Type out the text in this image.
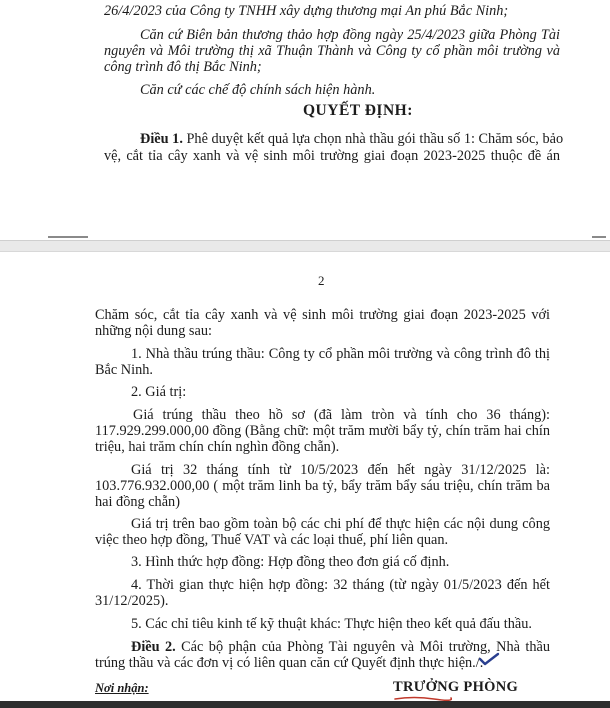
26/4/2023 của Công ty TNHH xây dựng thương mại An phú Bắc Ninh;
Căn cứ Biên bản thương thảo hợp đồng ngày 25/4/2023 giữa Phòng Tài
nguyên và Môi trường thị xã Thuận Thành và Công ty cổ phần môi trường và
công trình đô thị Bắc Ninh;
Căn cứ các chế độ chính sách hiện hành.
QUYẾT ĐỊNH:
Điều 1. Phê duyệt kết quả lựa chọn nhà thầu gói thầu số 1: Chăm sóc, bảo
vệ, cắt tỉa cây xanh và vệ sinh môi trường giai đoạn 2023-2025 thuộc đề án
2
Chăm sóc, cắt tỉa cây xanh và vệ sinh môi trường giai đoạn 2023-2025 với
những nội dung sau:
1. Nhà thầu trúng thầu: Công ty cổ phần môi trường và công trình đô thị
Bắc Ninh.
2. Giá trị:
Giá trúng thầu theo hồ sơ (đã làm tròn và tính cho 36 tháng):
117.929.299.000,00 đồng (Bằng chữ: một trăm mười bẩy tỷ, chín trăm hai chín
triệu, hai trăm chín chín nghìn đồng chẵn).
Giá trị 32 tháng tính từ 10/5/2023 đến hết ngày 31/12/2025 là:
103.776.932.000,00 ( một trăm linh ba tỷ, bẩy trăm bẩy sáu triệu, chín trăm ba
hai đồng chẵn)
Giá trị trên bao gồm toàn bộ các chi phí để thực hiện các nội dung công
việc theo hợp đồng, Thuế VAT và các loại thuế, phí liên quan.
3. Hình thức hợp đồng: Hợp đồng theo đơn giá cố định.
4. Thời gian thực hiện hợp đồng: 32 tháng (từ ngày 01/5/2023 đến hết
31/12/2025).
5. Các chỉ tiêu kinh tế kỹ thuật khác: Thực hiện theo kết quả đấu thầu.
Điều 2. Các bộ phận của Phòng Tài nguyên và Môi trường, Nhà thầu
trúng thầu và các đơn vị có liên quan căn cứ Quyết định thực hiện./.
Nơi nhận:	TRƯỞNG PHÒNG
